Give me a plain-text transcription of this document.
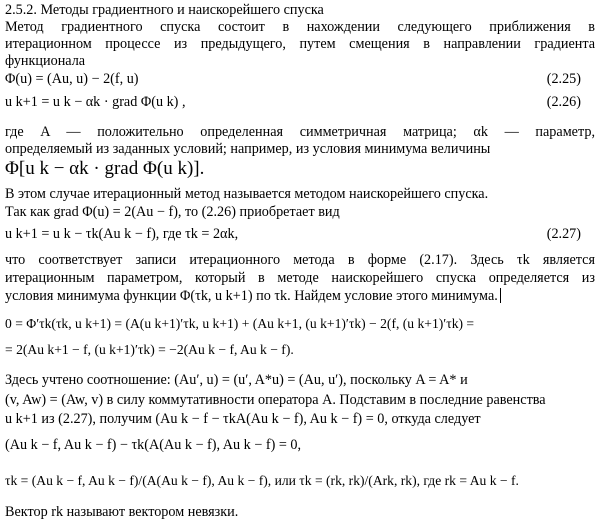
2.5.2. Методы градиентного и наискорейшего спуска
Метод градиентного спуска состоит в нахождении следующего приближения в
итерационном процессе из предыдущего, путем смещения в направлении градиента
функционала
Φ(u) = (Au, u) − 2(f, u)	(2.25)
u k+1 = u k − αk · grad Φ(u k) ,	(2.26)
где A — положительно определенная симметричная матрица; αk — параметр,
определяемый из заданных условий; например, из условия минимума величины
Φ[u k − αk · grad Φ(u k)].
В этом случае итерационный метод называется методом наискорейшего спуска.
Так как grad Φ(u) = 2(Au − f), то (2.26) приобретает вид
u k+1 = u k − τk(Au k − f), где τk = 2αk,	(2.27)
что соответствует записи итерационного метода в форме (2.17). Здесь τk является
итерационным параметром, который в методе наискорейшего спуска определяется из
условия минимума функции Φ(τk, u k+1) по τk. Найдем условие этого минимума.
0 = Φ′τk(τk, u k+1) = (A(u k+1)′τk, u k+1) + (Au k+1, (u k+1)′τk) − 2(f, (u k+1)′τk) =
= 2(Au k+1 − f, (u k+1)′τk) = −2(Au k − f, Au k − f).
Здесь учтено соотношение: (Au′, u) = (u′, A*u) = (Au, u′), поскольку A = A* и
(v, Aw) = (Aw, v) в силу коммутативности оператора A. Подставим в последние равенства
u k+1 из (2.27), получим (Au k − f − τkA(Au k − f), Au k − f) = 0, откуда следует
(Au k − f, Au k − f) − τk(A(Au k − f), Au k − f) = 0,
τk = (Au k − f, Au k − f)/(A(Au k − f), Au k − f), или τk = (rk, rk)/(Ark, rk), где rk = Au k − f.
Вектор rk называют вектором невязки.
